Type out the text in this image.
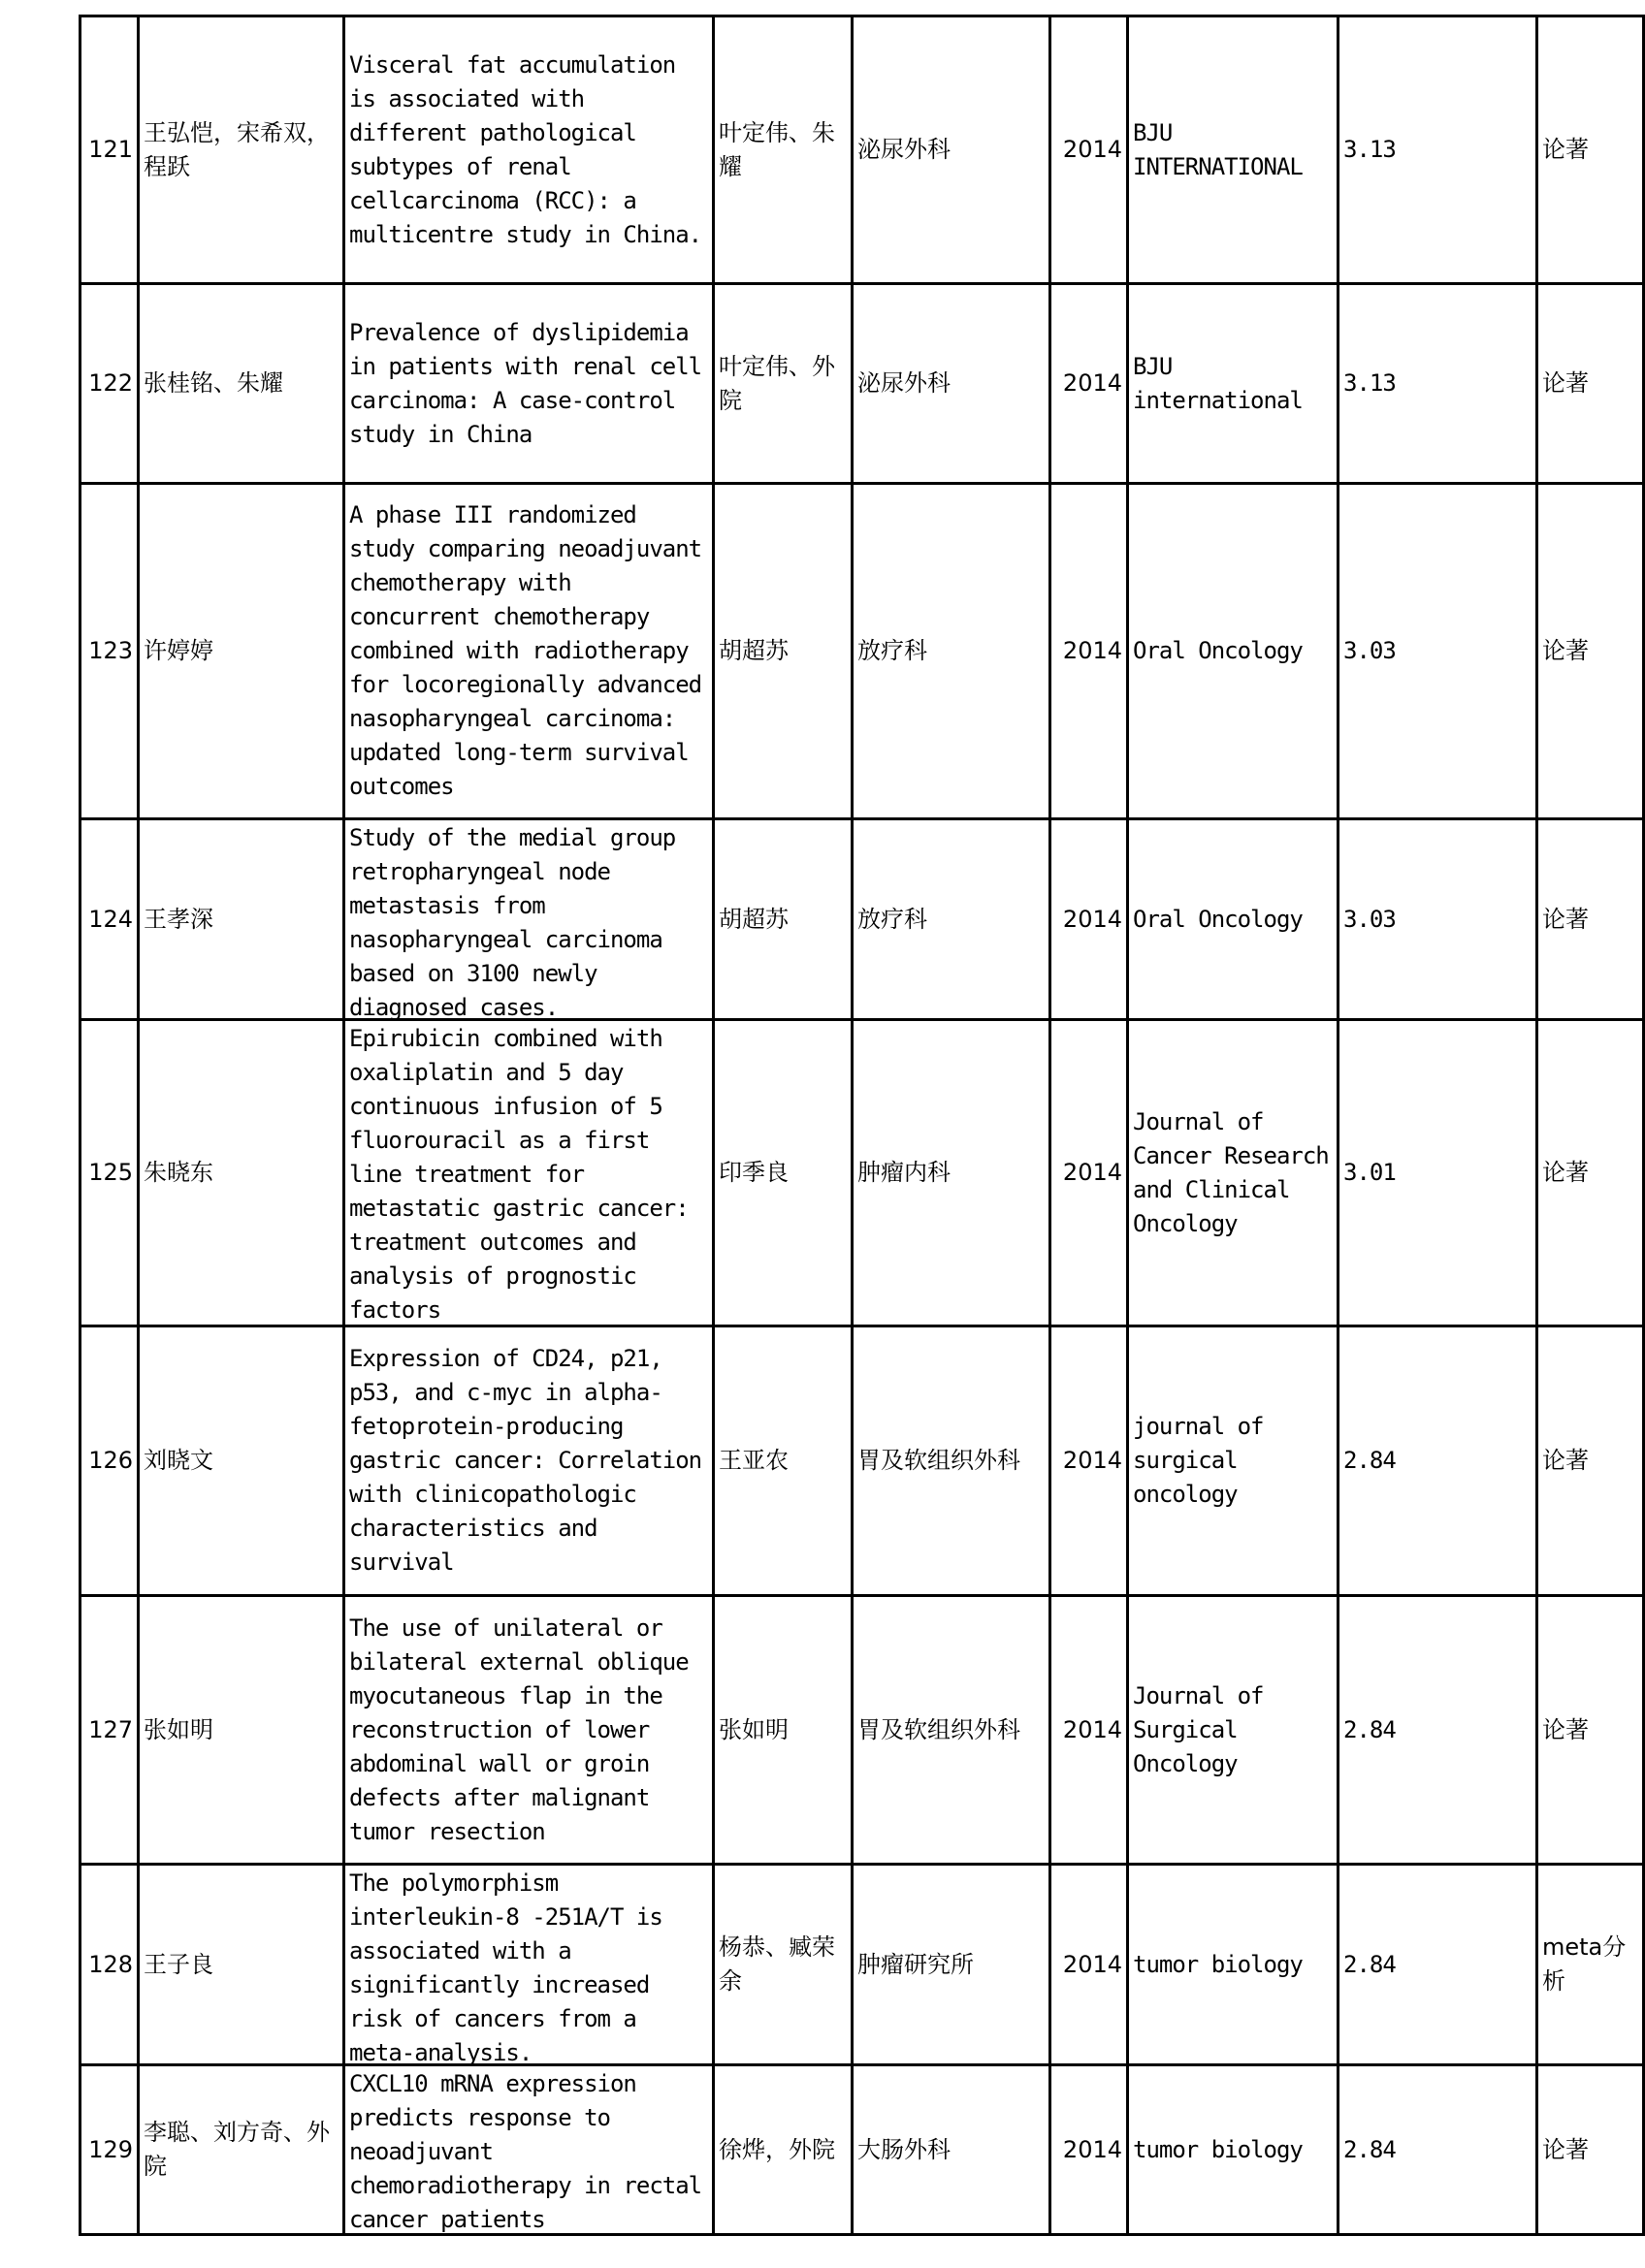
121	王弘恺，宋希双，程跃	Visceral fat accumulation is associated with different pathological subtypes of renal cellcarcinoma (RCC): a multicentre study in China.	叶定伟、朱耀	泌尿外科	2014	BJU INTERNATIONAL	3.13	论著

122	张桂铭、朱耀	Prevalence of dyslipidemia in patients with renal cell carcinoma: A case-control study in China	叶定伟、外院	泌尿外科	2014	BJU international	3.13	论著

123	许婷婷	A phase III randomized study comparing neoadjuvant chemotherapy with concurrent chemotherapy combined with radiotherapy for locoregionally advanced nasopharyngeal carcinoma: updated long-term survival outcomes	胡超苏	放疗科	2014	Oral Oncology	3.03	论著

124	王孝深	Study of the medial group retropharyngeal node metastasis from nasopharyngeal carcinoma based on 3100 newly diagnosed cases.	胡超苏	放疗科	2014	Oral Oncology	3.03	论著

125	朱晓东	Epirubicin combined with oxaliplatin and 5 day continuous infusion of 5 fluorouracil as a first line treatment for metastatic gastric cancer: treatment outcomes and analysis of prognostic factors	印季良	肿瘤内科	2014	Journal of Cancer Research and Clinical Oncology	3.01	论著

126	刘晓文	Expression of CD24, p21, p53, and c-myc in alpha-fetoprotein-producing gastric cancer: Correlation with clinicopathologic characteristics and survival	王亚农	胃及软组织外科	2014	journal of surgical oncology	2.84	论著

127	张如明	The use of unilateral or bilateral external oblique myocutaneous flap in the reconstruction of lower abdominal wall or groin defects after malignant tumor resection	张如明	胃及软组织外科	2014	Journal of Surgical Oncology	2.84	论著

128	王子良	The polymorphism interleukin-8 -251A/T is associated with a significantly increased risk of cancers from a meta-analysis.	杨恭、臧荣余	肿瘤研究所	2014	tumor biology	2.84	meta分析

129	李聪、刘方奇、外院	CXCL10 mRNA expression predicts response to neoadjuvant chemoradiotherapy in rectal cancer patients	徐烨，外院	大肠外科	2014	tumor biology	2.84	论著
